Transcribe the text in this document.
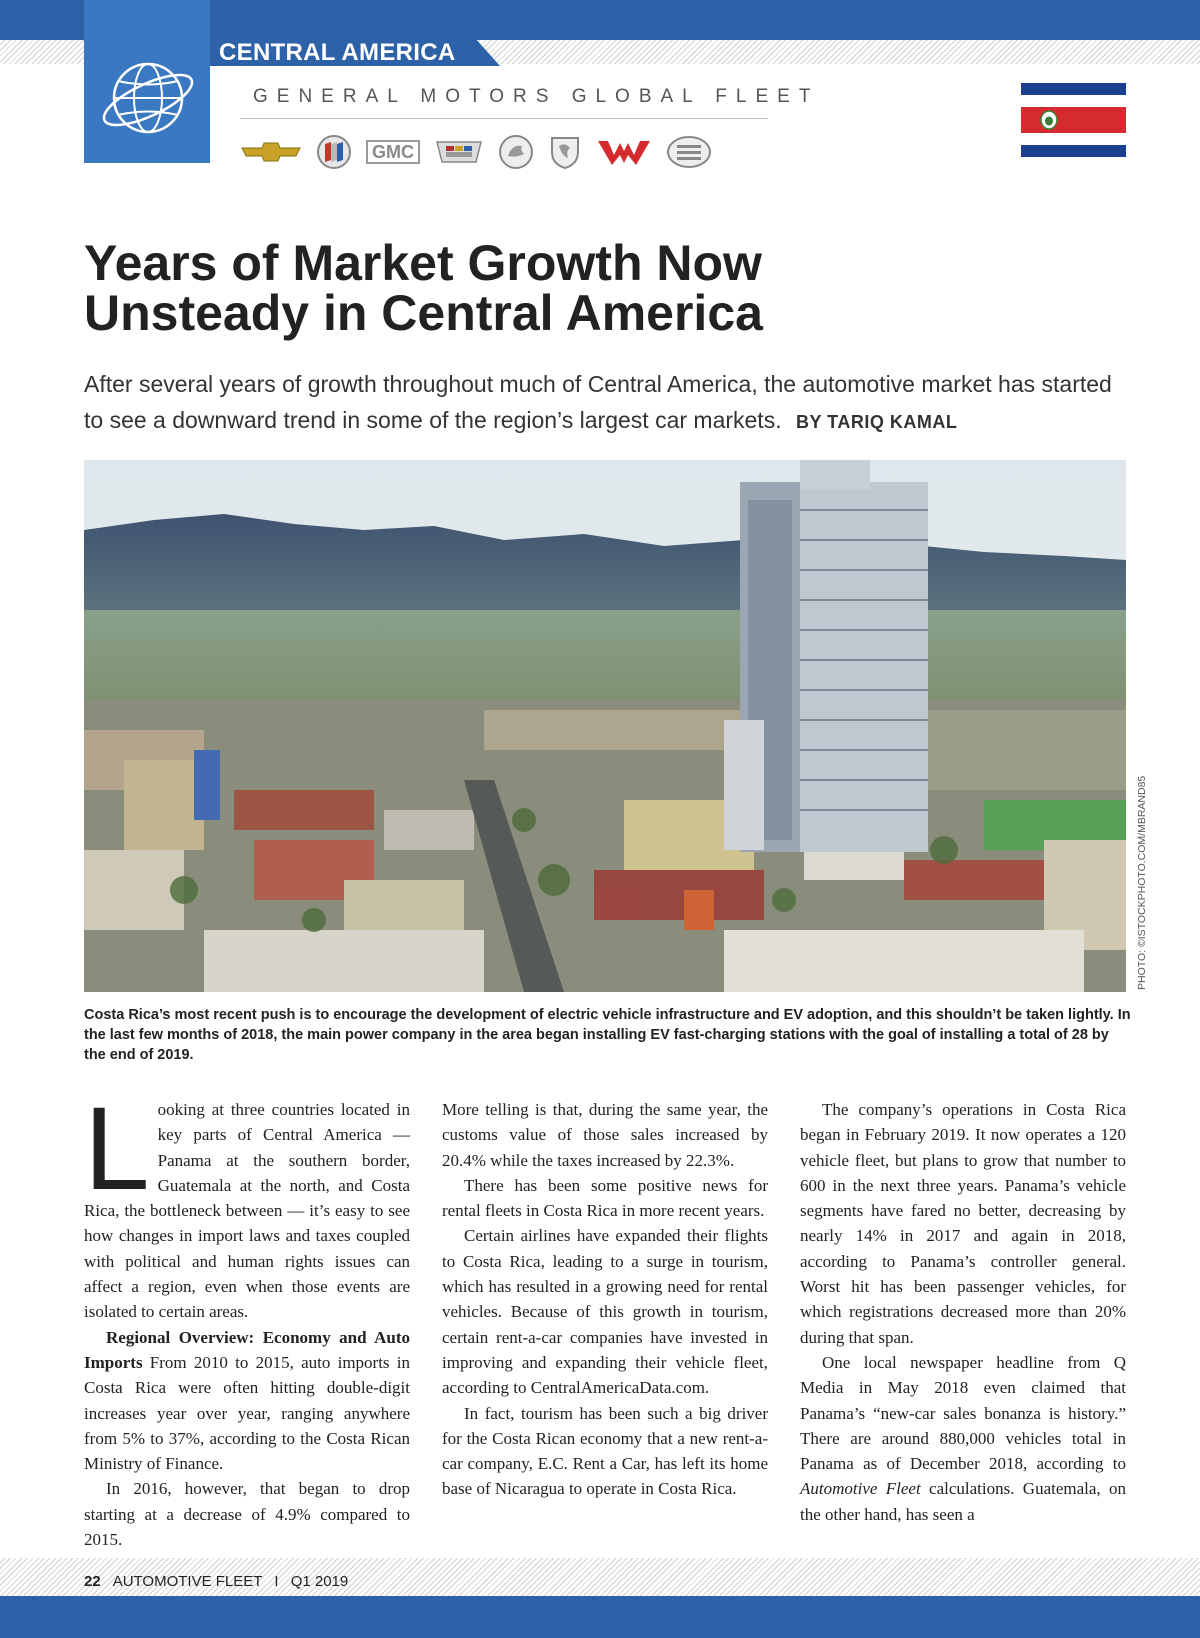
CENTRAL AMERICA
GENERAL MOTORS GLOBAL FLEET
GMC
Years of Market Growth Now
Unsteady in Central America

After several years of growth throughout much of Central America, the automotive market has started to see a downward trend in some of the region’s largest car markets. BY TARIQ KAMAL

PHOTO: ©ISTOCKPHOTO.COM/MBRAND85

Costa Rica’s most recent push is to encourage the development of electric vehicle infrastructure and EV adoption, and this shouldn’t be taken lightly. In the last few months of 2018, the main power company in the area began installing EV fast-charging stations with the goal of installing a total of 28 by the end of 2019.

Looking at three countries located in key parts of Central America — Panama at the southern border, Guatemala at the north, and Costa Rica, the bottleneck between — it’s easy to see how changes in import laws and taxes coupled with political and human rights issues can affect a region, even when those events are isolated to certain areas.

Regional Overview: Economy and Auto Imports From 2010 to 2015, auto imports in Costa Rica were often hitting double-digit increases year over year, ranging anywhere from 5% to 37%, according to the Costa Rican Ministry of Finance.

In 2016, however, that began to drop starting at a decrease of 4.9% compared to 2015.

More telling is that, during the same year, the customs value of those sales increased by 20.4% while the taxes increased by 22.3%.

There has been some positive news for rental fleets in Costa Rica in more recent years.

Certain airlines have expanded their flights to Costa Rica, leading to a surge in tourism, which has resulted in a growing need for rental vehicles. Because of this growth in tourism, certain rent-a-car companies have invested in improving and expanding their vehicle fleet, according to CentralAmericaData.com.

In fact, tourism has been such a big driver for the Costa Rican economy that a new rent-a-car company, E.C. Rent a Car, has left its home base of Nicaragua to operate in Costa Rica.

The company’s operations in Costa Rica began in February 2019. It now operates a 120 vehicle fleet, but plans to grow that number to 600 in the next three years. Panama’s vehicle segments have fared no better, decreasing by nearly 14% in 2017 and again in 2018, according to Panama’s controller general. Worst hit has been passenger vehicles, for which registrations decreased more than 20% during that span.

One local newspaper headline from Q Media in May 2018 even claimed that Panama’s “new-car sales bonanza is history.” There are around 880,000 vehicles total in Panama as of December 2018, according to Automotive Fleet calculations. Guatemala, on the other hand, has seen a

22 AUTOMOTIVE FLEET I Q1 2019
